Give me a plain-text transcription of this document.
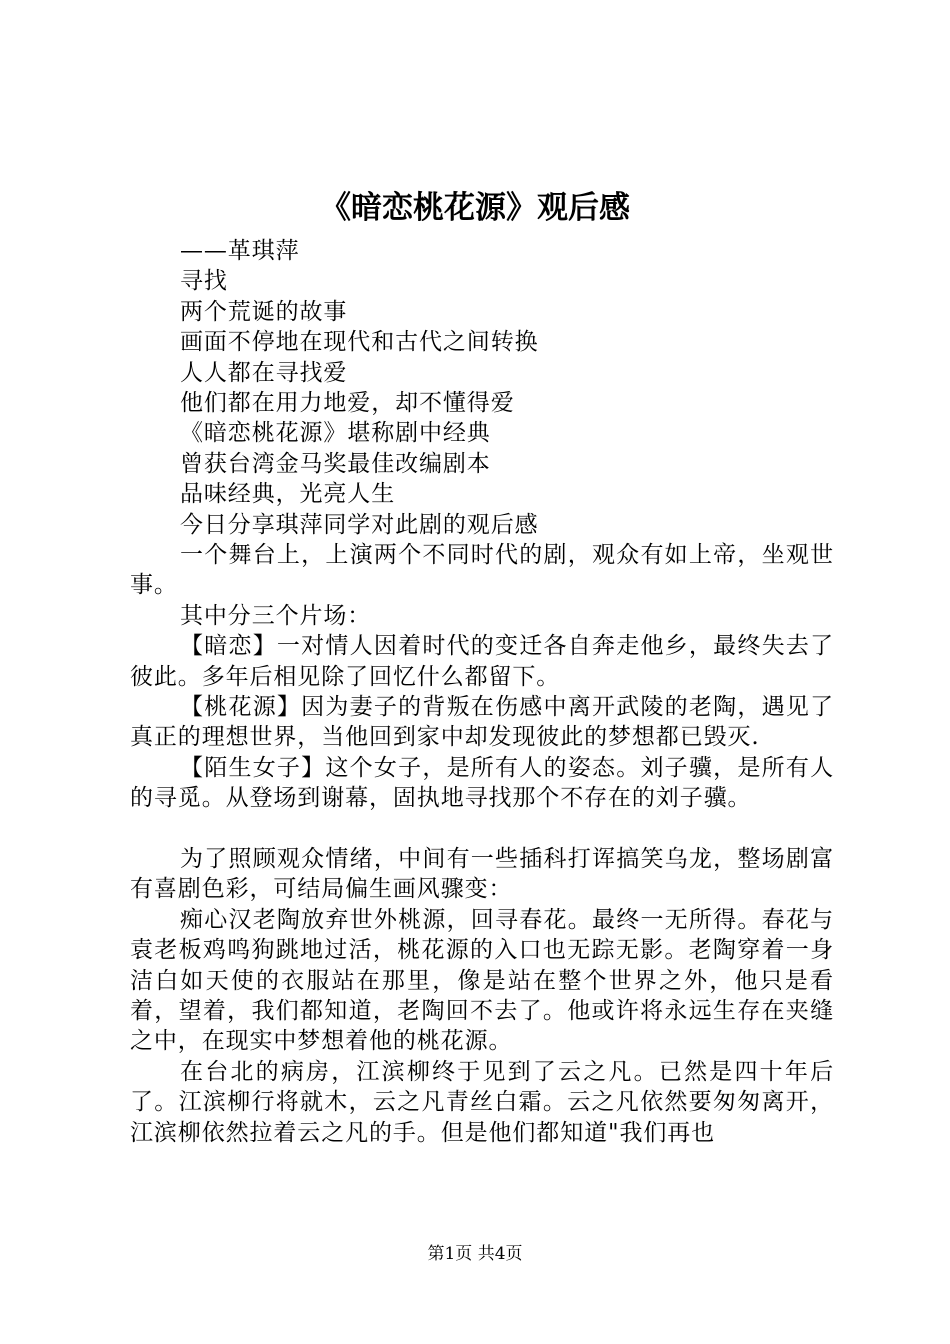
《暗恋桃花源》观后感
——革琪萍
寻找
两个荒诞的故事
画面不停地在现代和古代之间转换
人人都在寻找爱
他们都在用力地爱，却不懂得爱
《暗恋桃花源》堪称剧中经典
曾获台湾金马奖最佳改编剧本
品味经典，光亮人生
今日分享琪萍同学对此剧的观后感

一个舞台上，上演两个不同时代的剧，观众有如上帝，坐观世事。

其中分三个片场：

【暗恋】一对情人因着时代的变迁各自奔走他乡，最终失去了彼此。多年后相见除了回忆什么都留下。

【桃花源】因为妻子的背叛在伤感中离开武陵的老陶，遇见了真正的理想世界，当他回到家中却发现彼此的梦想都已毁灭.

【陌生女子】这个女子，是所有人的姿态。刘子骥，是所有人的寻觅。从登场到谢幕，固执地寻找那个不存在的刘子骥。

为了照顾观众情绪，中间有一些插科打诨搞笑乌龙，整场剧富有喜剧色彩，可结局偏生画风骤变：

痴心汉老陶放弃世外桃源，回寻春花。最终一无所得。春花与袁老板鸡鸣狗跳地过活，桃花源的入口也无踪无影。老陶穿着一身洁白如天使的衣服站在那里，像是站在整个世界之外，他只是看着，望着，我们都知道，老陶回不去了。他或许将永远生存在夹缝之中，在现实中梦想着他的桃花源。

在台北的病房，江滨柳终于见到了云之凡。已然是四十年后了。江滨柳行将就木，云之凡青丝白霜。云之凡依然要匆匆离开，江滨柳依然拉着云之凡的手。但是他们都知道"我们再也

第1页 共4页
